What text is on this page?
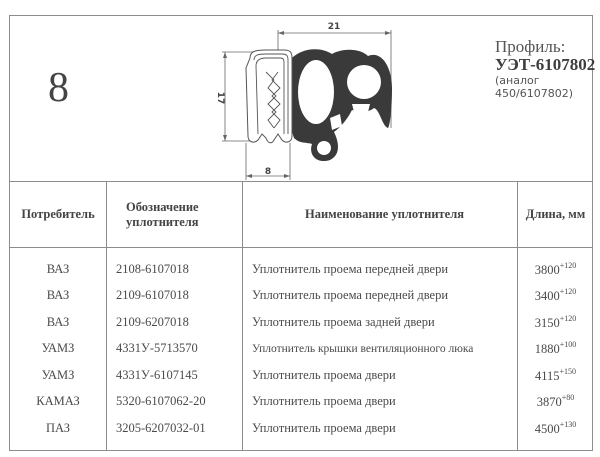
8
21
17
8
Профиль:
УЭТ-6107802
(аналог
450/6107802)
Потребитель	Обозначение уплотнителя	Наименование уплотнителя	Длина, мм
ВАЗ	2108-6107018	Уплотнитель проема передней двери	$3800^{+120}$
ВАЗ	2109-6107018	Уплотнитель проема передней двери	$3400^{+120}$
ВАЗ	2109-6207018	Уплотнитель проема задней двери	$3150^{+120}$
УАМЗ	4331У-5713570	Уплотнитель крышки вентиляционного люка	$1880^{+100}$
УАМЗ	4331У-6107145	Уплотнитель проема двери	$4115^{+150}$
КАМАЗ	5320-6107062-20	Уплотнитель проема двери	$3870^{+80}$
ПАЗ	3205-6207032-01	Уплотнитель проема двери	$4500^{+130}$
